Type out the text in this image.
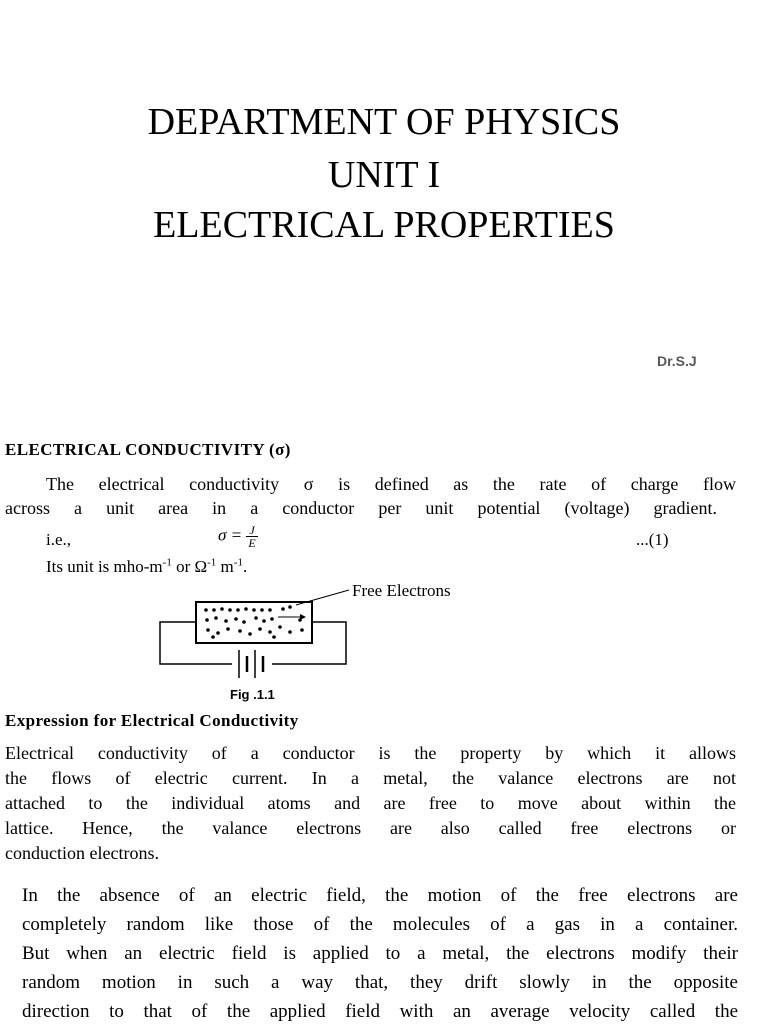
DEPARTMENT OF PHYSICS
UNIT I
ELECTRICAL PROPERTIES
Dr.S.J
ELECTRICAL CONDUCTIVITY (σ)
The electrical conductivity σ is defined as the rate of charge flow
across a unit area in a conductor per unit potential (voltage) gradient.
i.e.,	$\sigma = \frac{J}{E}$	...(1)
Its unit is mho-$m^{-1}$ or $\Omega^{-1}$ $m^{-1}$.
Free Electrons
Fig .1.1
Expression for Electrical Conductivity
Electrical conductivity of a conductor is the property by which it allows
the flows of electric current. In a metal, the valance electrons are not
attached to the individual atoms and are free to move about within the
lattice. Hence, the valance electrons are also called free electrons or
conduction electrons.
In the absence of an electric field, the motion of the free electrons are
completely random like those of the molecules of a gas in a container.
But when an electric field is applied to a metal, the electrons modify their
random motion in such a way that, they drift slowly in the opposite
direction to that of the applied field with an average velocity called the
